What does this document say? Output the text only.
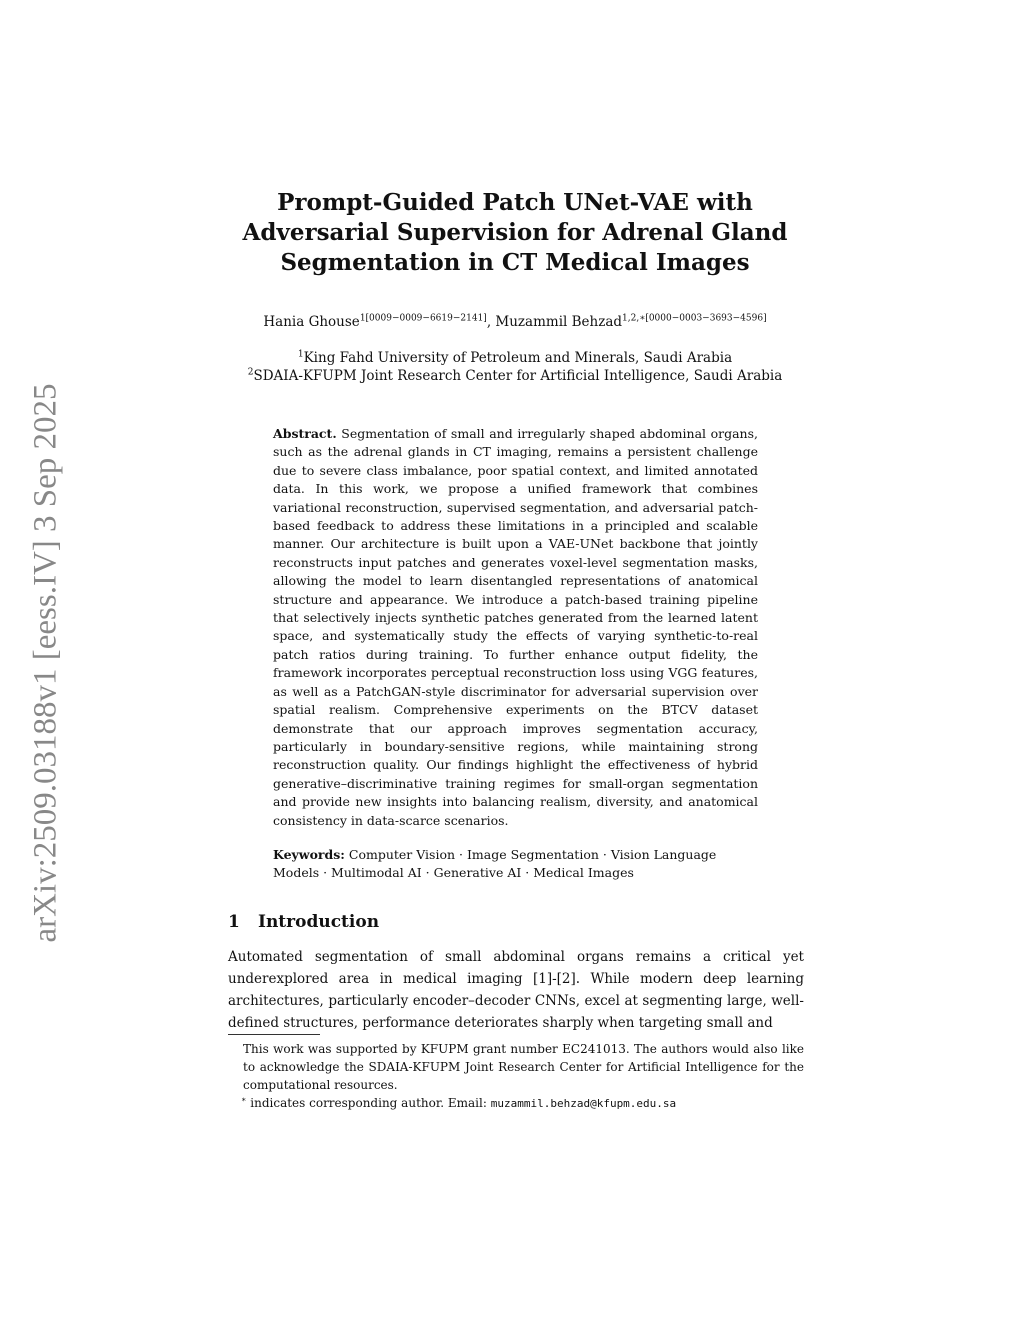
arXiv:2509.03188v1 [eess.IV] 3 Sep 2025
Prompt-Guided Patch UNet-VAE with Adversarial Supervision for Adrenal Gland Segmentation in CT Medical Images
Hania Ghouse$^{1[0009-0009-6619-2141]}$, Muzammil Behzad$^{1,2,∗[0000-0003-3693-4596]}$
$^1$King Fahd University of Petroleum and Minerals, Saudi Arabia
$^2$SDAIA-KFUPM Joint Research Center for Artificial Intelligence, Saudi Arabia
Abstract. Segmentation of small and irregularly shaped abdominal organs, such as the adrenal glands in CT imaging, remains a persistent challenge due to severe class imbalance, poor spatial context, and limited annotated data. In this work, we propose a unified framework that combines variational reconstruction, supervised segmentation, and adversarial patch-based feedback to address these limitations in a principled and scalable manner. Our architecture is built upon a VAE-UNet backbone that jointly reconstructs input patches and generates voxel-level segmentation masks, allowing the model to learn disentangled representations of anatomical structure and appearance. We introduce a patch-based training pipeline that selectively injects synthetic patches generated from the learned latent space, and systematically study the effects of varying synthetic-to-real patch ratios during training. To further enhance output fidelity, the framework incorporates perceptual reconstruction loss using VGG features, as well as a PatchGAN-style discriminator for adversarial supervision over spatial realism. Comprehensive experiments on the BTCV dataset demonstrate that our approach improves segmentation accuracy, particularly in boundary-sensitive regions, while maintaining strong reconstruction quality. Our findings highlight the effectiveness of hybrid generative–discriminative training regimes for small-organ segmentation and provide new insights into balancing realism, diversity, and anatomical consistency in data-scarce scenarios.
Keywords: Computer Vision · Image Segmentation · Vision Language Models · Multimodal AI · Generative AI · Medical Images
1 Introduction
Automated segmentation of small abdominal organs remains a critical yet underexplored area in medical imaging [1]-[2]. While modern deep learning architectures, particularly encoder–decoder CNNs, excel at segmenting large, well-defined structures, performance deteriorates sharply when targeting small and

This work was supported by KFUPM grant number EC241013. The authors would also like to acknowledge the SDAIA-KFUPM Joint Research Center for Artificial Intelligence for the computational resources.

∗ indicates corresponding author. Email: muzammil.behzad@kfupm.edu.sa
